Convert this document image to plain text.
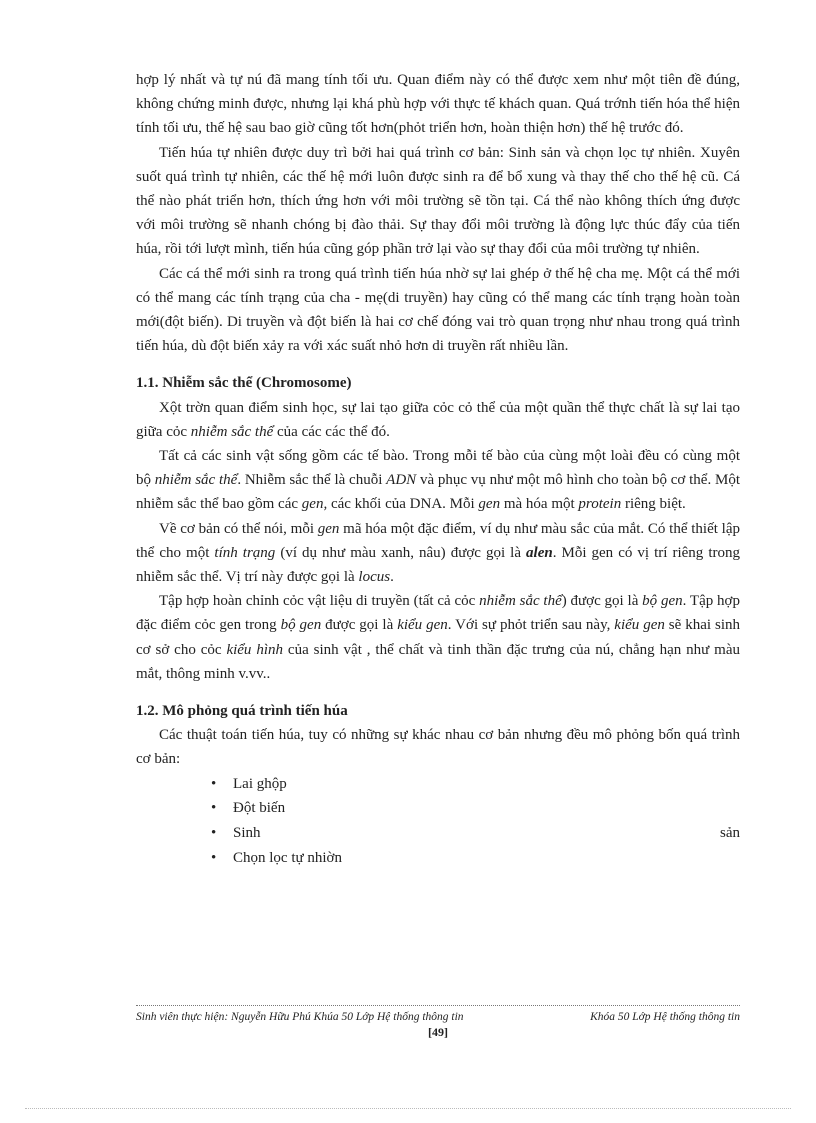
hợp lý nhất và tự nú đã mang tính tối ưu. Quan điểm này có thể được xem như một tiên đề đúng, không chứng minh được, nhưng lại khá phù hợp với thực tế khách quan. Quá trớnh tiến hóa thể hiện tính tối ưu, thế hệ sau bao giờ cũng tốt hơn(phỏt triển hơn, hoàn thiện hơn) thế hệ trước đó.

Tiến húa tự nhiên được duy trì bởi hai quá trình cơ bản: Sinh sản và chọn lọc tự nhiên. Xuyên suốt quá trình tự nhiên, các thế hệ mới luôn được sinh ra để bổ xung và thay thế cho thế hệ cũ. Cá thể nào phát triển hơn, thích ứng hơn với môi trường sẽ tồn tại. Cá thể nào không thích ứng được với môi trường sẽ nhanh chóng bị đào thải. Sự thay đổi môi trường là động lực thúc đẩy của tiến húa, rồi tới lượt mình, tiến húa cũng góp phần trở lại vào sự thay đổi của môi trường tự nhiên.

Các cá thể mới sinh ra trong quá trình tiến húa nhờ sự lai ghép ở thế hệ cha mẹ. Một cá thể mới có thể mang các tính trạng của cha - mẹ(di truyền) hay cũng có thể mang các tính trạng hoàn toàn mới(đột biến). Di truyền và đột biến là hai cơ chế đóng vai trò quan trọng như nhau trong quá trình tiến húa, dù đột biến xảy ra với xác suất nhỏ hơn di truyền rất nhiều lần.

1.1. Nhiễm sắc thể (Chromosome)

Xột trờn quan điểm sinh học, sự lai tạo giữa cỏc cỏ thể của một quần thể thực chất là sự lai tạo giữa cỏc nhiễm sắc thể của các các thể đó.

Tất cả các sinh vật sống gồm các tế bào. Trong mỗi tế bào của cùng một loài đều có cùng một bộ nhiễm sắc thể. Nhiễm sắc thể là chuỗi ADN và phục vụ như một mô hình cho toàn bộ cơ thể. Một nhiễm sắc thể bao gồm các gen, các khối của DNA. Mỗi gen mà hóa một protein riêng biệt.

Về cơ bản có thể nói, mỗi gen mã hóa một đặc điểm, ví dụ như màu sắc của mắt. Có thể thiết lập thể cho một tính trạng (ví dụ như màu xanh, nâu) được gọi là alen. Mỗi gen có vị trí riêng trong nhiễm sắc thể. Vị trí này được gọi là locus.

Tập hợp hoàn chỉnh cỏc vật liệu di truyền (tất cả cỏc nhiễm sắc thể) được gọi là bộ gen. Tập hợp đặc điểm cỏc gen trong bộ gen được gọi là kiểu gen. Với sự phỏt triển sau này, kiểu gen sẽ khai sinh cơ sở cho cỏc kiểu hình của sinh vật , thể chất và tinh thần đặc trưng của nú, chẳng hạn như màu mắt, thông minh v.vv..

1.2. Mô phỏng quá trình tiến húa

Các thuật toán tiến húa, tuy có những sự khác nhau cơ bản nhưng đều mô phỏng bốn quá trình cơ bản:

• Lai ghộp
• Đột biến
• Sinh	sản
• Chọn lọc tự nhiờn
Sinh viên thực hiện: Nguyễn Hữu Phú Khúa 50 Lớp Hệ thống thông tin	Khóa 50 Lớp Hệ thống thông tin
[49]
